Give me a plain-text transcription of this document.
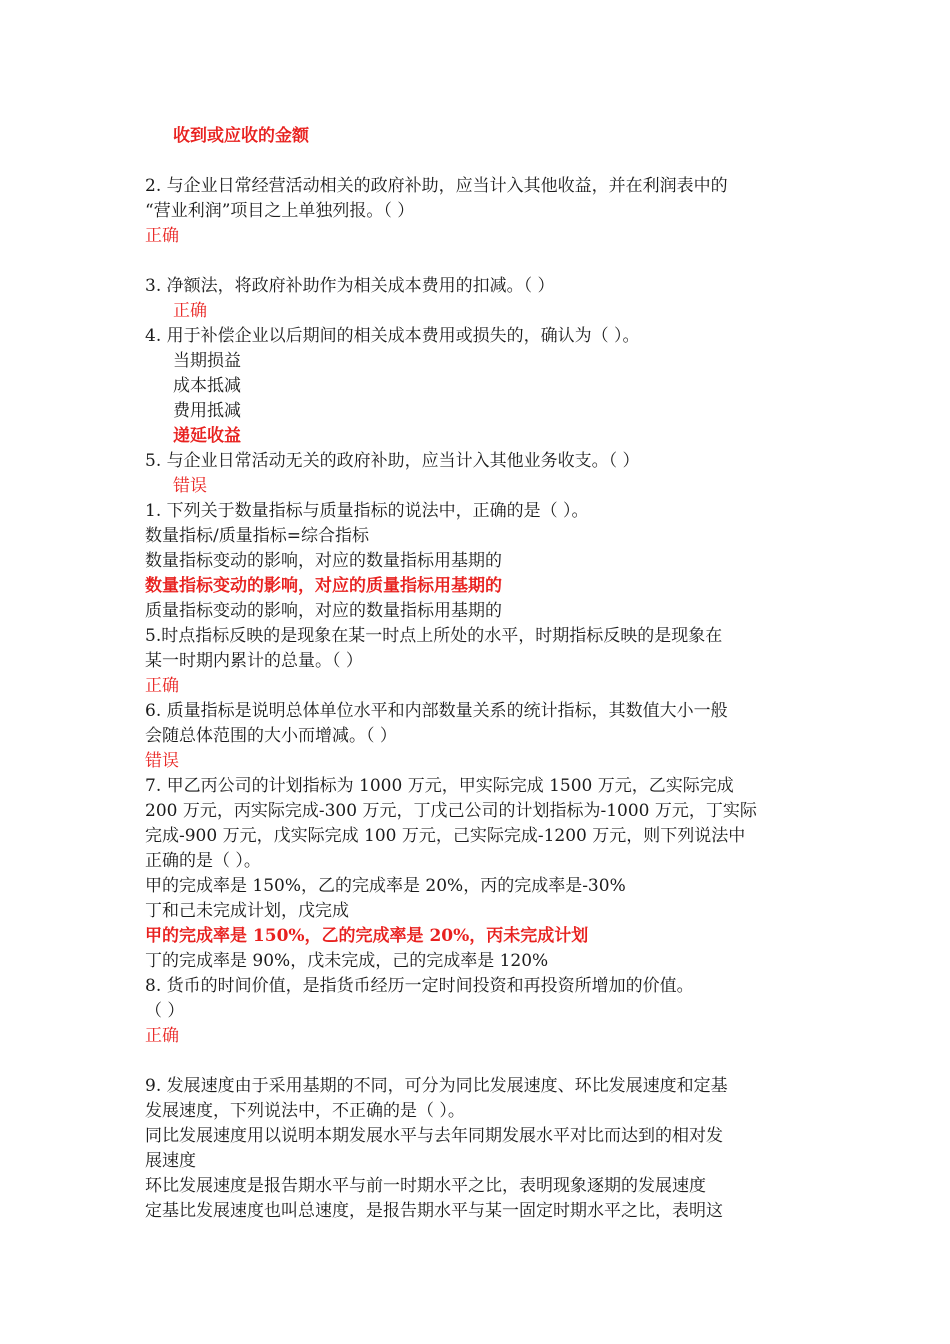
收到或应收的金额
2. 与企业日常经营活动相关的政府补助，应当计入其他收益，并在利润表中的
“营业利润”项目之上单独列报。（ ）
正确
3. 净额法，将政府补助作为相关成本费用的扣减。（ ）
正确
4. 用于补偿企业以后期间的相关成本费用或损失的，确认为（ ）。
当期损益
成本抵减
费用抵减
递延收益
5. 与企业日常活动无关的政府补助，应当计入其他业务收支。（ ）
错误
1. 下列关于数量指标与质量指标的说法中，正确的是（ ）。
数量指标/质量指标=综合指标
数量指标变动的影响，对应的数量指标用基期的
数量指标变动的影响，对应的质量指标用基期的
质量指标变动的影响，对应的数量指标用基期的
5.时点指标反映的是现象在某一时点上所处的水平，时期指标反映的是现象在
某一时期内累计的总量。（ ）
正确
6. 质量指标是说明总体单位水平和内部数量关系的统计指标，其数值大小一般
会随总体范围的大小而增减。（ ）
错误
7. 甲乙丙公司的计划指标为 1000 万元，甲实际完成 1500 万元，乙实际完成
200 万元，丙实际完成-300 万元，丁戊己公司的计划指标为-1000 万元，丁实际
完成-900 万元，戊实际完成 100 万元，己实际完成-1200 万元，则下列说法中
正确的是（ ）。
甲的完成率是 150%，乙的完成率是 20%，丙的完成率是-30%
丁和己未完成计划，戊完成
甲的完成率是 150%，乙的完成率是 20%，丙未完成计划
丁的完成率是 90%，戊未完成，己的完成率是 120%
8. 货币的时间价值，是指货币经历一定时间投资和再投资所增加的价值。
（ ）
正确
9. 发展速度由于采用基期的不同，可分为同比发展速度、环比发展速度和定基
发展速度，下列说法中，不正确的是（ ）。
同比发展速度用以说明本期发展水平与去年同期发展水平对比而达到的相对发
展速度
环比发展速度是报告期水平与前一时期水平之比，表明现象逐期的发展速度
定基比发展速度也叫总速度，是报告期水平与某一固定时期水平之比，表明这
